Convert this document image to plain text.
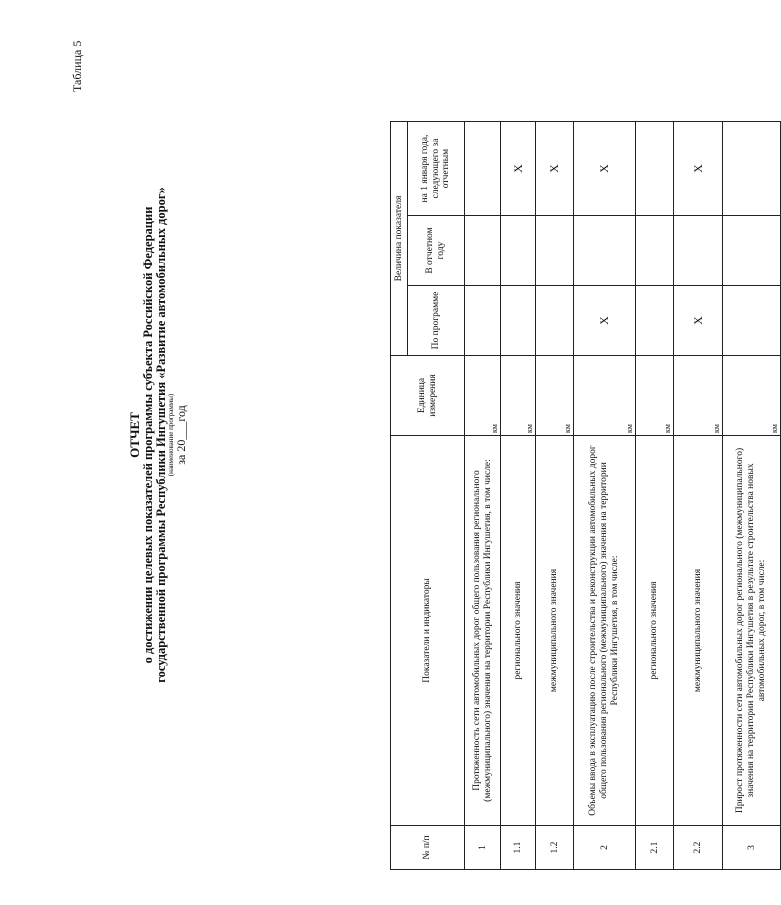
Таблица 5
ОТЧЕТ
о достижении целевых показателей программы субъекта Российской Федерации государственной программы Республики Ингушетия «Развитие автомобильных дорог» (наименование программы) за 20___год
№ п/п	Показатели и индикаторы	Единица измерения	Величина показателя		
			По программе	В отчетном году	на 1 января года, следующего за отчетным
1	Протяженность сети автомобильных дорог общего пользования регионального (межмуниципального) значения на территории Республики Ингушетия, в том числе:	км			
1.1	регионального значения	км			X
1.2	межмуниципального значения	км			X
2	Объемы ввода в эксплуатацию после строительства и реконструкции автомобильных дорог общего пользования регионального (межмуниципального) значения на территории Республики Ингушетия, в том числе:	км	X		X
2.1	регионального значения	км			
2.2	межмуниципального значения	км	X		X
3	Прирост протяженности сети автомобильных дорог регионального (межмуниципального) значения на территории Республики Ингушетия в результате строительства новых автомобильных дорог, в том числе:	км			
